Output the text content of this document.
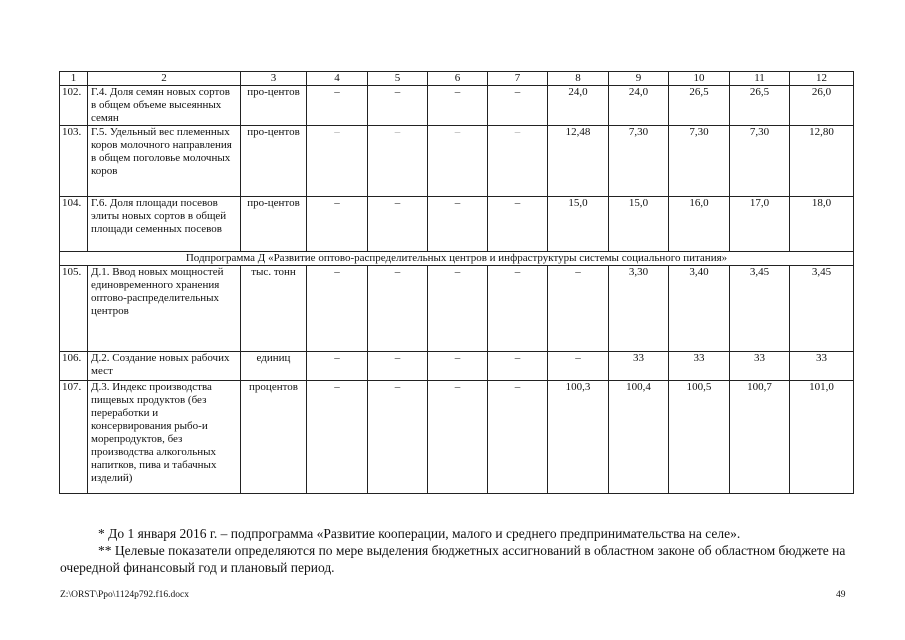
1	2	3	4	5	6	7	8	9	10	11	12
102.	Г.4. Доля семян новых сортов в общем объеме высеянных семян	про-центов	–	–	–	–	24,0	24,0	26,5	26,5	26,0
103.	Г.5. Удельный вес племенных коров молочного направления в общем поголовье молочных коров	про-центов	–	–	–	–	12,48	7,30	7,30	7,30	12,80
104.	Г.6. Доля площади посевов элиты новых сортов в общей площади семенных посевов	про-центов	–	–	–	–	15,0	15,0	16,0	17,0	18,0
Подпрограмма Д «Развитие оптово-распределительных центров и инфраструктуры системы социального питания»											
105.	Д.1. Ввод новых мощностей единовременного хранения оптово-распределительных центров	тыс. тонн	–	–	–	–	–	3,30	3,40	3,45	3,45
106.	Д.2. Создание новых рабочих мест	единиц	–	–	–	–	–	33	33	33	33
107.	Д.3. Индекс производства пищевых продуктов (без переработки и консервирования рыбо-и морепродуктов, без производства алкогольных напитков, пива и табачных изделий)	процентов	–	–	–	–	100,3	100,4	100,5	100,7	101,0

* До 1 января 2016 г. – подпрограмма «Развитие кооперации, малого и среднего предпринимательства на селе».

** Целевые показатели определяются по мере выделения бюджетных ассигнований в областном законе об областном бюджете на очередной финансовый год и плановый период.

Z:\ORST\Ppo\1124p792.f16.docx	49
